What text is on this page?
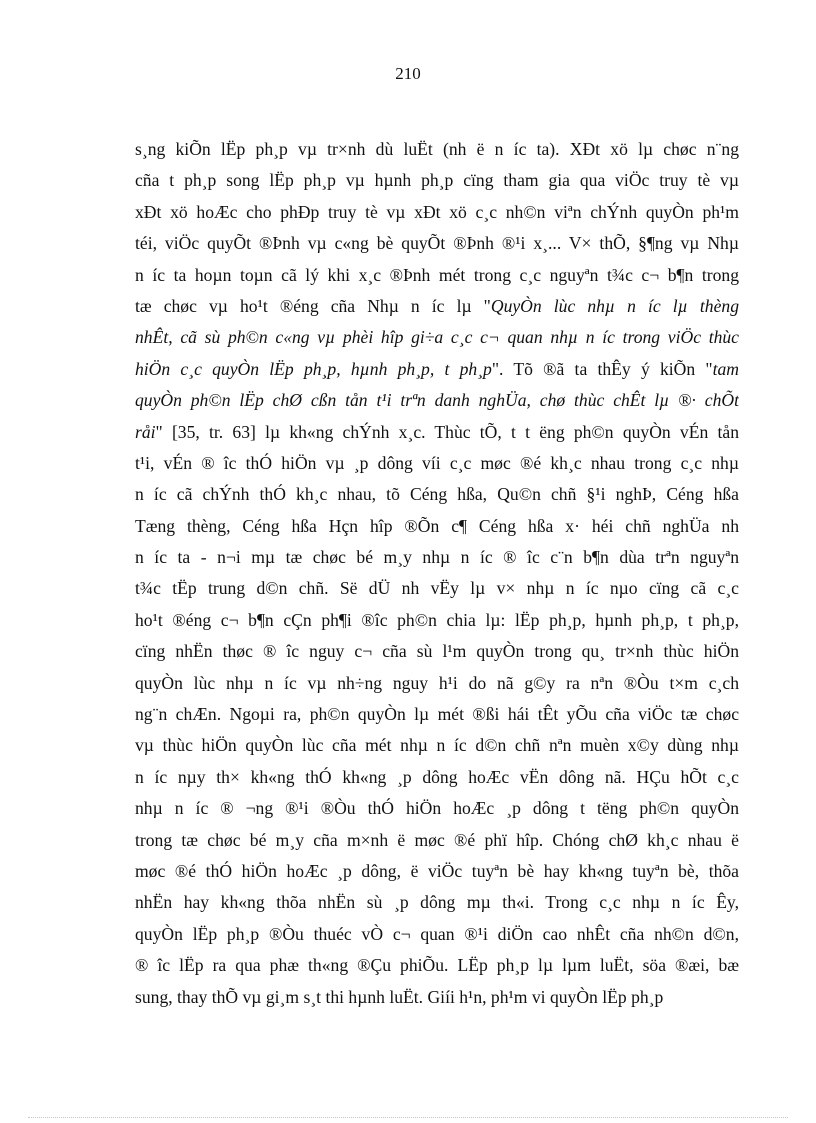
210
s¸ng kiÕn lËp ph¸p vµ tr×nh dù luËt (nh ë n íc ta). XÐt xö lµ chøc n¨ng
cña t ph¸p song lËp ph¸p vµ hµnh ph¸p cïng tham gia qua viÖc truy tè vµ
xÐt xö hoÆc cho phÐp truy tè vµ xÐt xö c¸c nh©n viªn chÝnh quyÒn ph¹m
téi, viÖc quyÕt ®Þnh vµ c«ng bè quyÕt ®Þnh ®¹i x¸... V× thÕ, §¶ng vµ Nhµ
n íc ta hoµn toµn cã lý khi x¸c ®Þnh mét trong c¸c nguyªn t¾c c¬ b¶n trong
tæ chøc vµ ho¹t ®éng cña Nhµ n íc lµ "QuyÒn lùc nhµ n íc lµ thèng
nhÊt, cã sù ph©n c«ng vµ phèi hîp gi÷a c¸c c¬ quan nhµ n íc trong viÖc thùc
hiÖn c¸c quyÒn lËp ph¸p, hµnh ph¸p, t ph¸p". Tõ ®ã ta thÊy ý kiÕn "tam
quyÒn ph©n lËp chØ cßn tån t¹i trªn danh nghÜa, chø thùc chÊt lµ ®· chÕt
råi" [35, tr. 63] lµ kh«ng chÝnh x¸c. Thùc tÕ, t t ëng ph©n quyÒn vÉn tån
t¹i, vÉn ® îc thÓ hiÖn vµ ¸p dông víi c¸c møc ®é kh¸c nhau trong c¸c nhµ
n íc cã chÝnh thÓ kh¸c nhau, tõ Céng hßa, Qu©n chñ §¹i nghÞ, Céng hßa
Tæng thèng, Céng hßa Hçn hîp ®Õn c¶ Céng hßa x· héi chñ nghÜa nh
n íc ta - n¬i mµ tæ chøc bé m¸y nhµ n íc ® îc c¨n b¶n dùa trªn nguyªn
t¾c tËp trung d©n chñ. Së dÜ nh vËy lµ v× nhµ n íc nµo cïng cã c¸c
ho¹t ®éng c¬ b¶n cÇn ph¶i ®îc ph©n chia lµ: lËp ph¸p, hµnh ph¸p, t ph¸p,
cïng nhËn thøc ® îc nguy c¬ cña sù l¹m quyÒn trong qu¸ tr×nh thùc hiÖn
quyÒn lùc nhµ n íc vµ nh÷ng nguy h¹i do nã g©y ra nªn ®Òu t×m c¸ch
ng¨n chÆn. Ngoµi ra, ph©n quyÒn lµ mét ®ßi hái tÊt yÕu cña viÖc tæ chøc
vµ thùc hiÖn quyÒn lùc cña mét nhµ n íc d©n chñ nªn muèn x©y dùng nhµ
n íc nµy th× kh«ng thÓ kh«ng ¸p dông hoÆc vËn dông nã. HÇu hÕt c¸c
nhµ n íc ® ¬ng ®¹i ®Òu thÓ hiÖn hoÆc ¸p dông t tëng ph©n quyÒn
trong tæ chøc bé m¸y cña m×nh ë møc ®é phï hîp. Chóng chØ kh¸c nhau ë
møc ®é thÓ hiÖn hoÆc ¸p dông, ë viÖc tuyªn bè hay kh«ng tuyªn bè, thõa
nhËn hay kh«ng thõa nhËn sù ¸p dông mµ th«i. Trong c¸c nhµ n íc Êy,
quyÒn lËp ph¸p ®Òu thuéc vÒ c¬ quan ®¹i diÖn cao nhÊt cña nh©n d©n,
® îc lËp ra qua phæ th«ng ®Çu phiÕu. LËp ph¸p lµ lµm luËt, söa ®æi, bæ
sung, thay thÕ vµ gi¸m s¸t thi hµnh luËt. Giíi h¹n, ph¹m vi quyÒn lËp ph¸p
